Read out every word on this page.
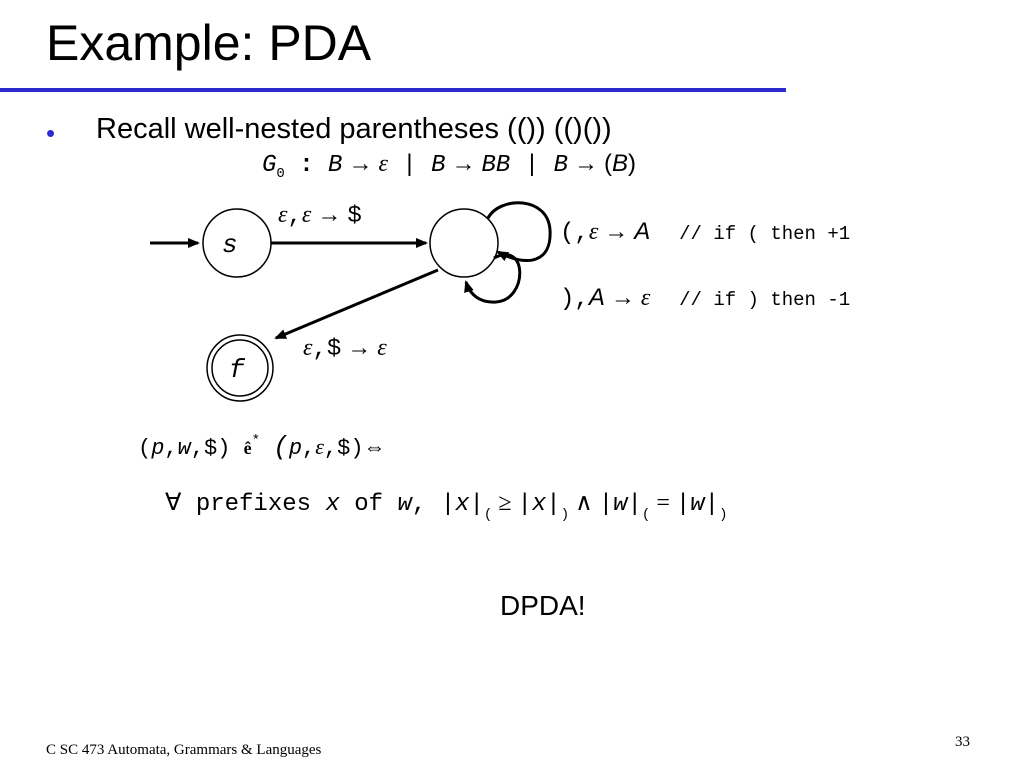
Example: PDA
• Recall well-nested parentheses (()) (()())
$G_0$ : B → ε | B → BB | B → (B)
s
f
ε,ε → $
(,ε → A // if ( then +1
),A → ε // if ) then -1
ε,$ → ε
(p,w,$) ê* (p,ε,$)⇔
∀ prefixes x of w, $|x|_( \ge |x|_)$ ∧ $|w|_( = |w|_)$
DPDA!
C SC 473 Automata, Grammars & Languages	33
